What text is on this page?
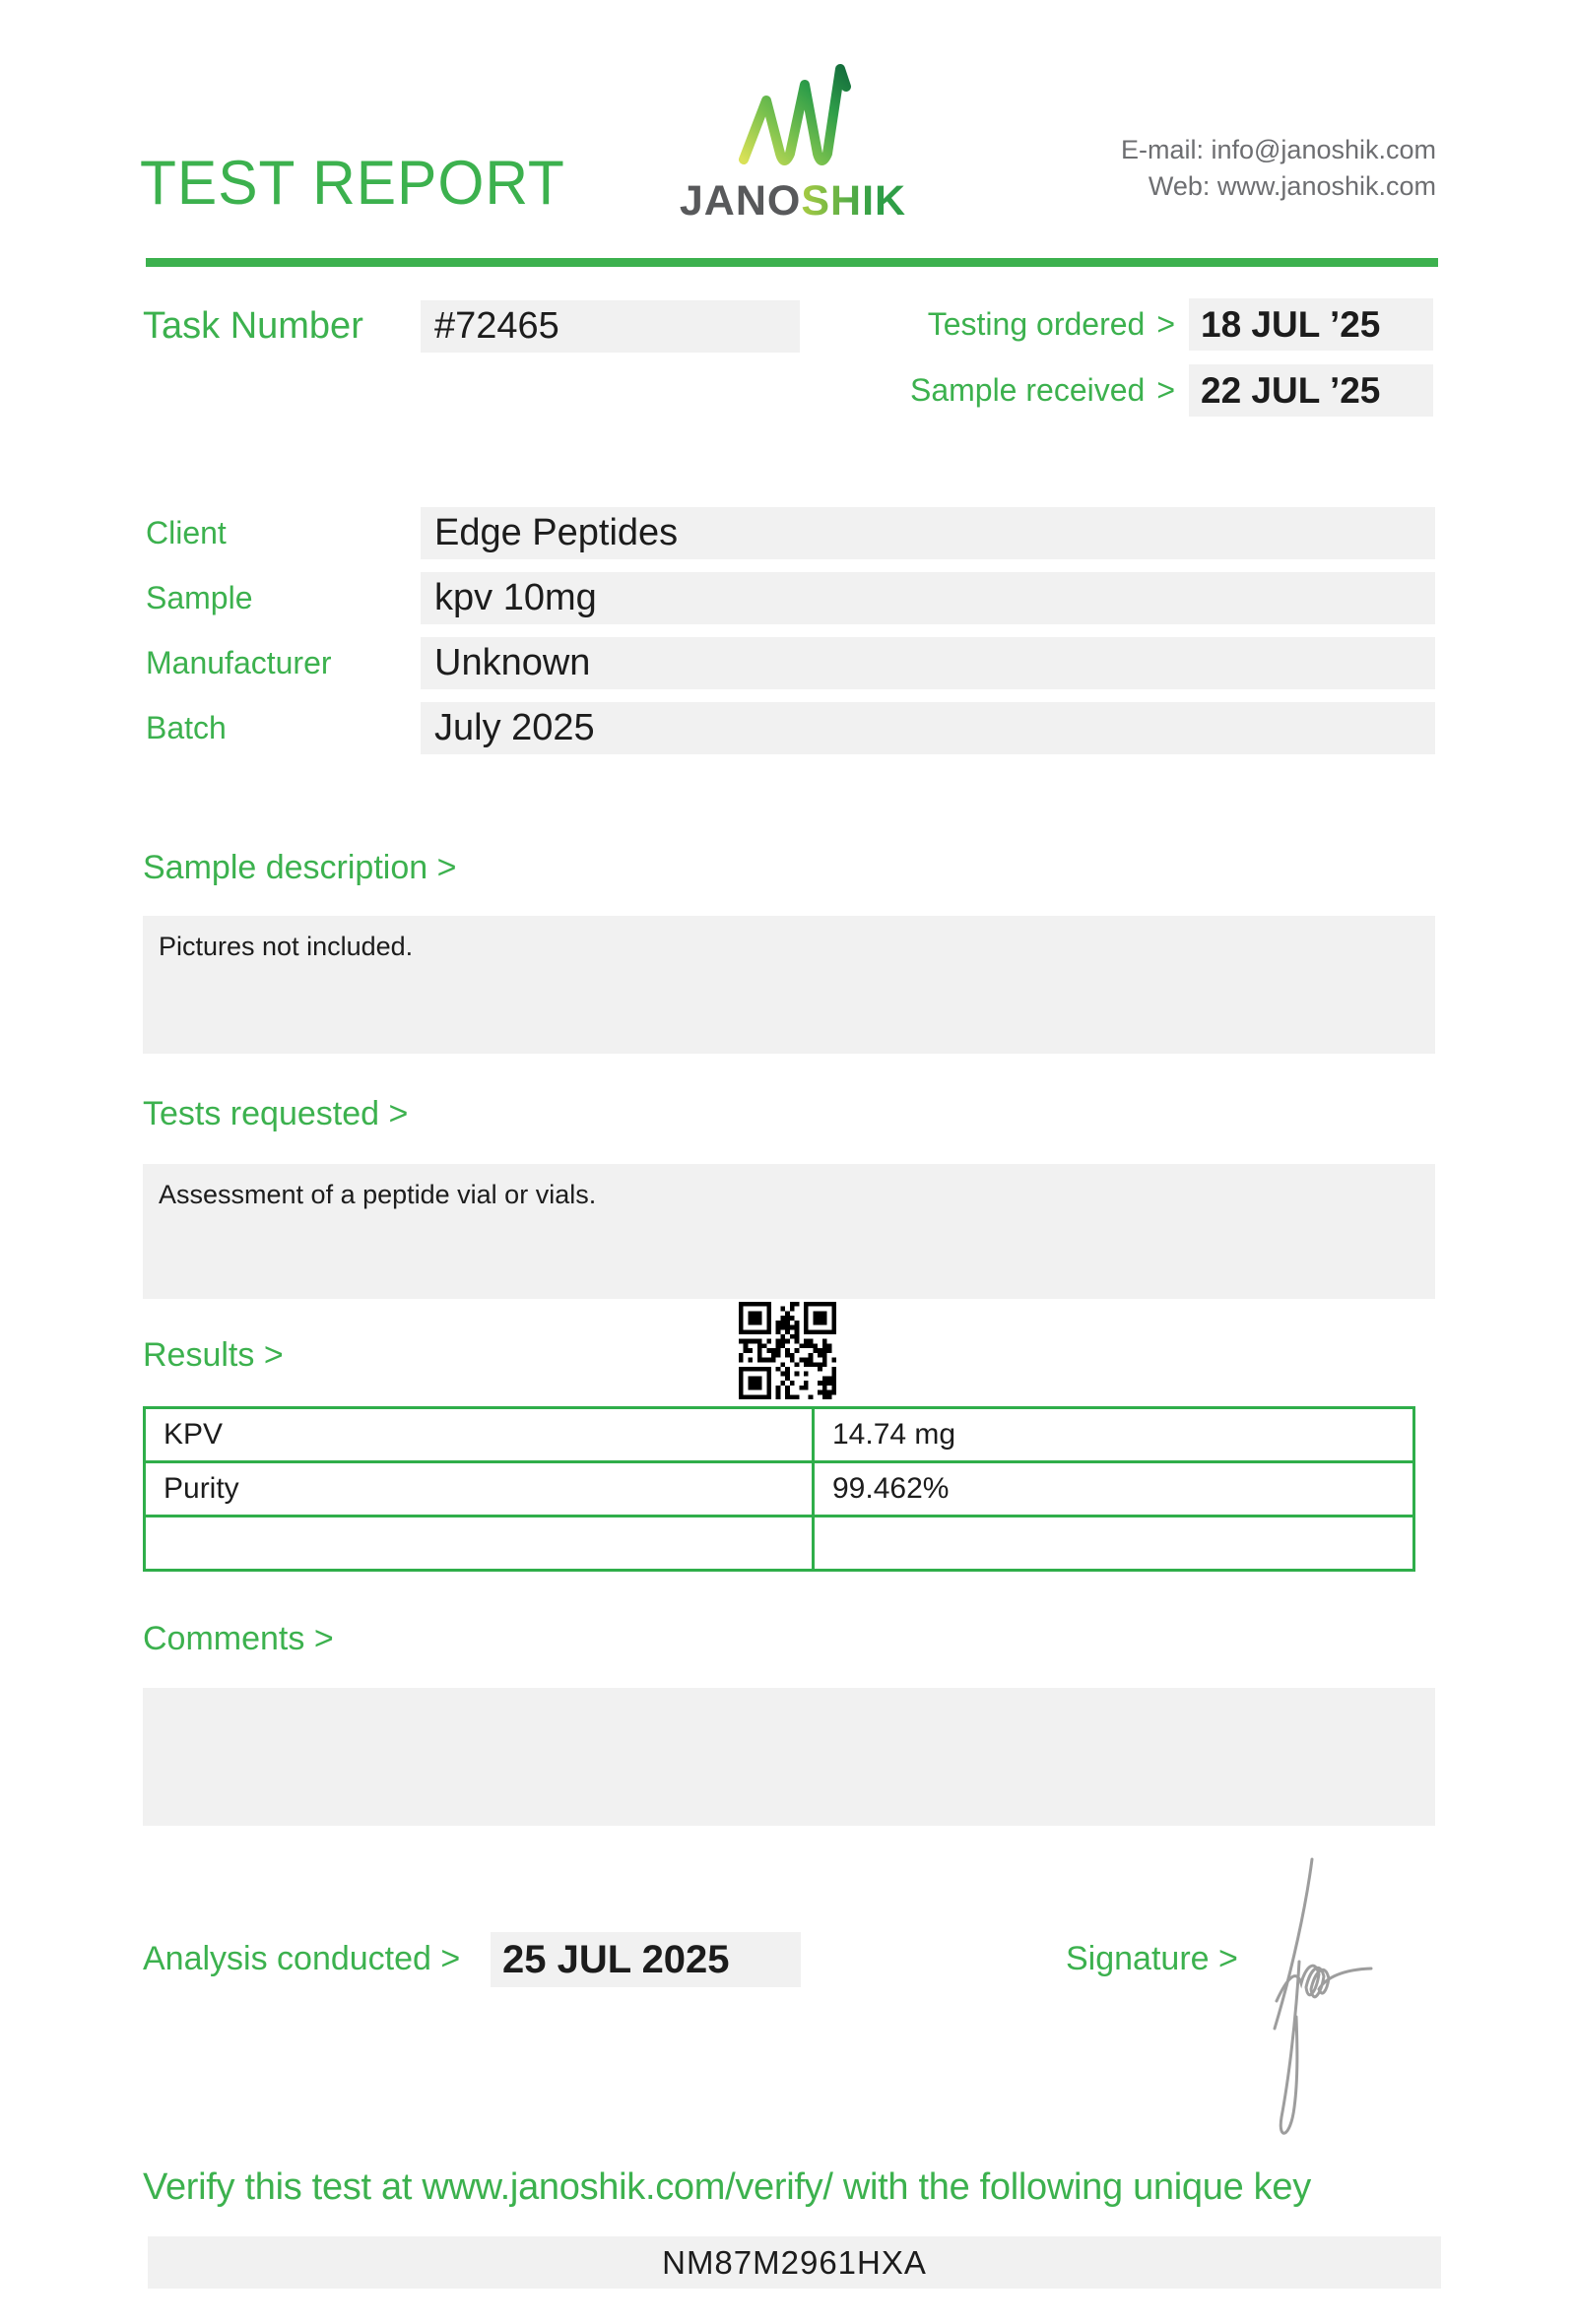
TEST REPORT	JANOSHIK
E-mail: info@janoshik.com
Web: www.janoshik.com
Task Number	#72465	Testing ordered > 18 JUL ’25
Sample received > 22 JUL ’25
Client	Edge Peptides
Sample	kpv 10mg
Manufacturer	Unknown
Batch	July 2025
Sample description >
Pictures not included.
Tests requested >
Assessment of a peptide vial or vials.
Results >
KPV	14.74 mg
Purity	99.462%

Comments >
Analysis conducted >	25 JUL 2025	Signature >
Verify this test at www.janoshik.com/verify/ with the following unique key
NM87M2961HXA
